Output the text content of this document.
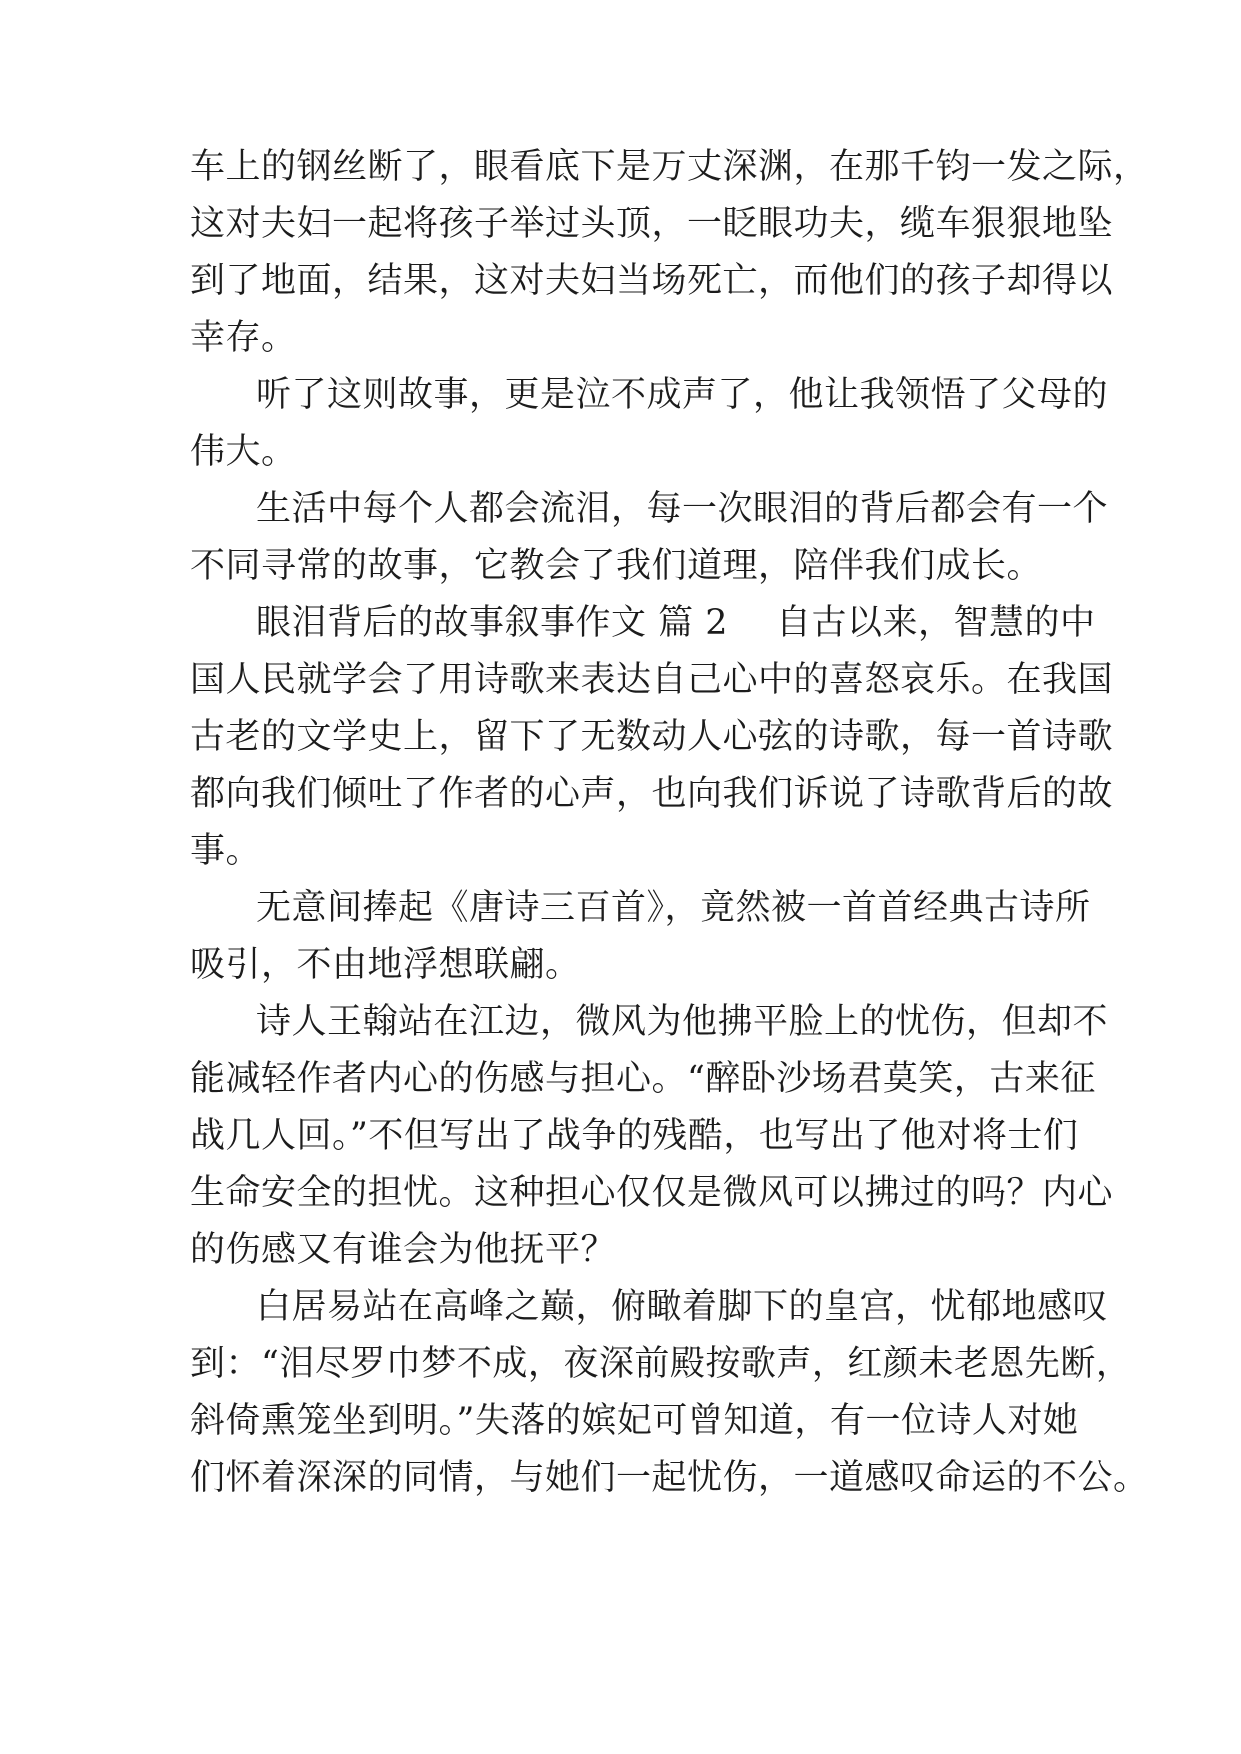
车上的钢丝断了，眼看底下是万丈深渊，在那千钧一发之际，
这对夫妇一起将孩子举过头顶，一眨眼功夫，缆车狠狠地坠
到了地面，结果，这对夫妇当场死亡，而他们的孩子却得以
幸存。
听了这则故事，更是泣不成声了，他让我领悟了父母的
伟大。
生活中每个人都会流泪，每一次眼泪的背后都会有一个
不同寻常的故事，它教会了我们道理，陪伴我们成长。
眼泪背后的故事叙事作文 篇 2 自古以来，智慧的中
国人民就学会了用诗歌来表达自己心中的喜怒哀乐。在我国
古老的文学史上，留下了无数动人心弦的诗歌，每一首诗歌
都向我们倾吐了作者的心声，也向我们诉说了诗歌背后的故
事。
无意间捧起《唐诗三百首》，竟然被一首首经典古诗所
吸引，不由地浮想联翩。
诗人王翰站在江边，微风为他拂平脸上的忧伤，但却不
能减轻作者内心的伤感与担心。“醉卧沙场君莫笑，古来征
战几人回。”不但写出了战争的残酷，也写出了他对将士们
生命安全的担忧。这种担心仅仅是微风可以拂过的吗？内心
的伤感又有谁会为他抚平？
白居易站在高峰之巅，俯瞰着脚下的皇宫，忧郁地感叹
到：“泪尽罗巾梦不成，夜深前殿按歌声，红颜未老恩先断，
斜倚熏笼坐到明。”失落的嫔妃可曾知道，有一位诗人对她
们怀着深深的同情，与她们一起忧伤，一道感叹命运的不公。
